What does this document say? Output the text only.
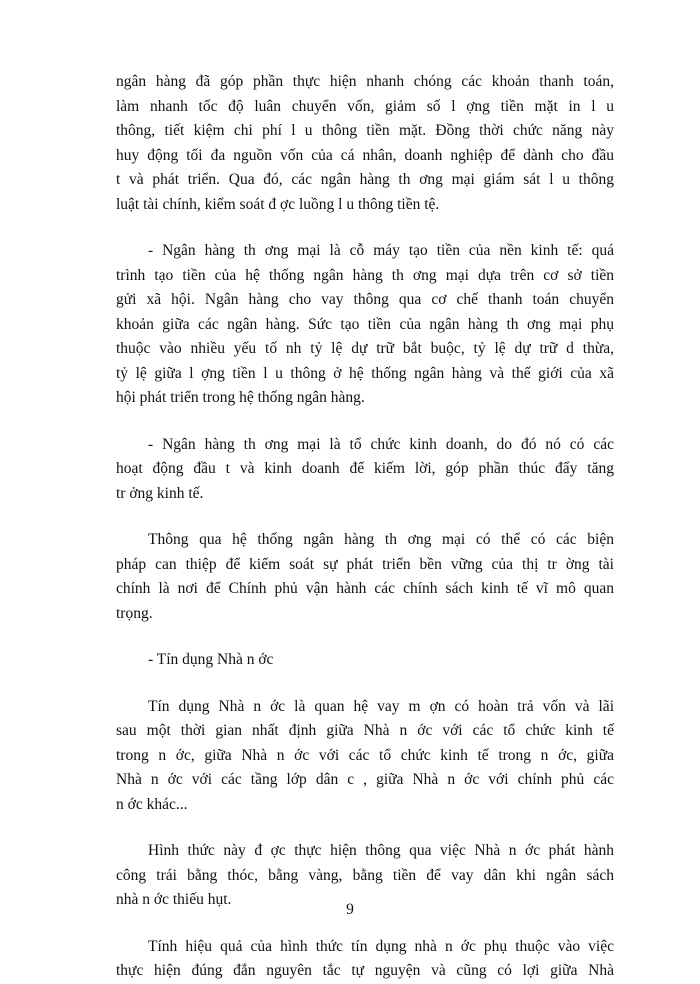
ngân hàng đã góp phần thực hiện nhanh chóng các khoản thanh toán,
làm nhanh tốc độ luân chuyển vốn, giảm số l ợng tiền mặt in l u
thông, tiết kiệm chi phí l u thông tiền mặt. Đồng thời chức năng này
huy động tối đa nguồn vốn của cá nhân, doanh nghiệp để dành cho đầu
t và phát triển. Qua đó, các ngân hàng th ơng mại giám sát l u thông
luật tài chính, kiểm soát đ ợc luồng l u thông tiền tệ.

- Ngân hàng th ơng mại là cỗ máy tạo tiền của nền kinh tế: quá
trình tạo tiền của hệ thống ngân hàng th ơng mại dựa trên cơ sở tiền
gửi xã hội. Ngân hàng cho vay thông qua cơ chế thanh toán chuyển
khoản giữa các ngân hàng. Sức tạo tiền của ngân hàng th ơng mại phụ
thuộc vào nhiều yếu tố nh tỷ lệ dự trữ bắt buộc, tỷ lệ dự trữ d thừa,
tỷ lệ giữa l ợng tiền l u thông ở hệ thống ngân hàng và thế giới của xã
hội phát triển trong hệ thống ngân hàng.

- Ngân hàng th ơng mại là tổ chức kinh doanh, do đó nó có các
hoạt động đầu t và kinh doanh để kiếm lời, góp phần thúc đẩy tăng
tr ởng kinh tế.

Thông qua hệ thống ngân hàng th ơng mại có thể có các biện
pháp can thiệp để kiểm soát sự phát triển bền vững của thị tr ờng tài
chính là nơi để Chính phủ vận hành các chính sách kinh tế vĩ mô quan
trọng.

- Tín dụng Nhà n ớc

Tín dụng Nhà n ớc là quan hệ vay m ợn có hoàn trả vốn và lãi
sau một thời gian nhất định giữa Nhà n ớc với các tổ chức kinh tế
trong n ớc, giữa Nhà n ớc với các tổ chức kinh tế trong n ớc, giữa
Nhà n ớc với các tầng lớp dân c , giữa Nhà n ớc với chính phủ các
n ớc khác...

Hình thức này đ ợc thực hiện thông qua việc Nhà n ớc phát hành
công trái bằng thóc, bằng vàng, bằng tiền để vay dân khi ngân sách
nhà n ớc thiếu hụt.

Tính hiệu quả của hình thức tín dụng nhà n ớc phụ thuộc vào việc
thực hiện đúng đắn nguyên tắc tự nguyện và cũng có lợi giữa Nhà

9
